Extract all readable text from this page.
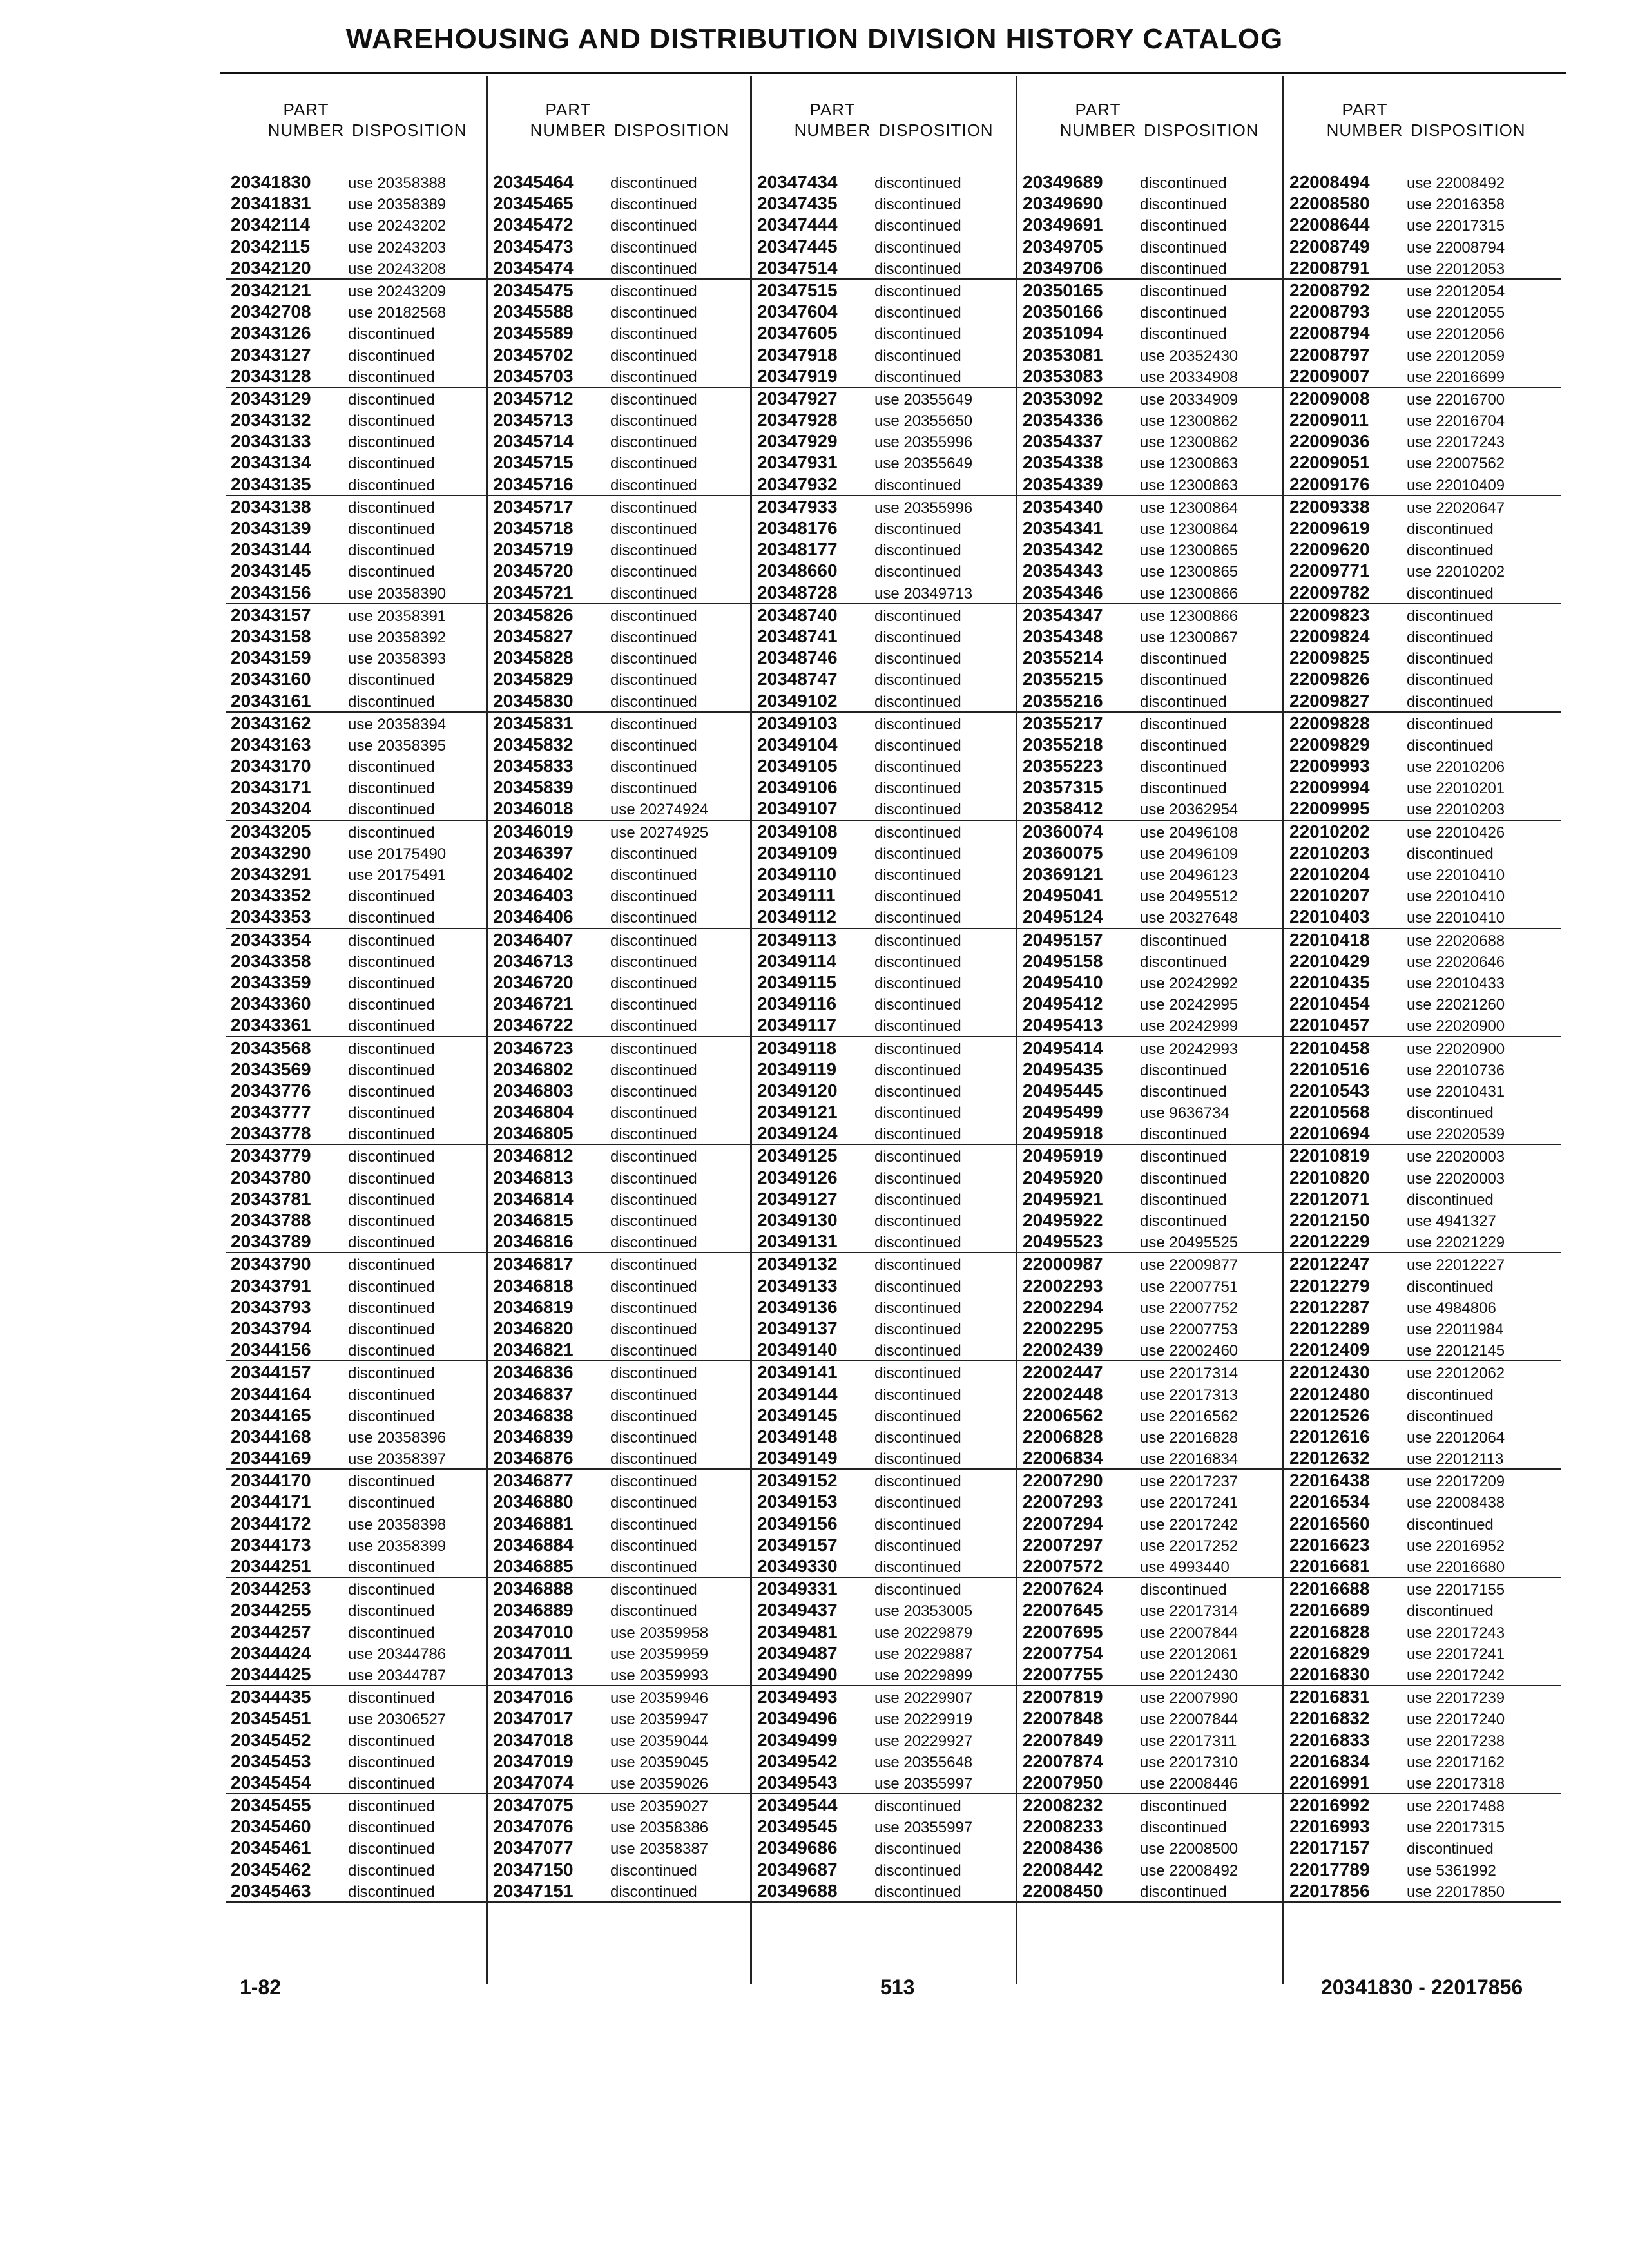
WAREHOUSING AND DISTRIBUTION DIVISION HISTORY CATALOG
PART
NUMBER DISPOSITION
20341830 use 20358388
20341831 use 20358389
20342114 use 20243202
20342115 use 20243203
20342120 use 20243208
20342121 use 20243209
20342708 use 20182568
20343126 discontinued
20343127 discontinued
20343128 discontinued
20343129 discontinued
20343132 discontinued
20343133 discontinued
20343134 discontinued
20343135 discontinued
20343138 discontinued
20343139 discontinued
20343144 discontinued
20343145 discontinued
20343156 use 20358390
20343157 use 20358391
20343158 use 20358392
20343159 use 20358393
20343160 discontinued
20343161 discontinued
20343162 use 20358394
20343163 use 20358395
20343170 discontinued
20343171 discontinued
20343204 discontinued
20343205 discontinued
20343290 use 20175490
20343291 use 20175491
20343352 discontinued
20343353 discontinued
20343354 discontinued
20343358 discontinued
20343359 discontinued
20343360 discontinued
20343361 discontinued
20343568 discontinued
20343569 discontinued
20343776 discontinued
20343777 discontinued
20343778 discontinued
20343779 discontinued
20343780 discontinued
20343781 discontinued
20343788 discontinued
20343789 discontinued
20343790 discontinued
20343791 discontinued
20343793 discontinued
20343794 discontinued
20344156 discontinued
20344157 discontinued
20344164 discontinued
20344165 discontinued
20344168 use 20358396
20344169 use 20358397
20344170 discontinued
20344171 discontinued
20344172 use 20358398
20344173 use 20358399
20344251 discontinued
20344253 discontinued
20344255 discontinued
20344257 discontinued
20344424 use 20344786
20344425 use 20344787
20344435 discontinued
20345451 use 20306527
20345452 discontinued
20345453 discontinued
20345454 discontinued
20345455 discontinued
20345460 discontinued
20345461 discontinued
20345462 discontinued
20345463 discontinued
PART
NUMBER DISPOSITION
20345464 discontinued
20345465 discontinued
20345472 discontinued
20345473 discontinued
20345474 discontinued
20345475 discontinued
20345588 discontinued
20345589 discontinued
20345702 discontinued
20345703 discontinued
20345712 discontinued
20345713 discontinued
20345714 discontinued
20345715 discontinued
20345716 discontinued
20345717 discontinued
20345718 discontinued
20345719 discontinued
20345720 discontinued
20345721 discontinued
20345826 discontinued
20345827 discontinued
20345828 discontinued
20345829 discontinued
20345830 discontinued
20345831 discontinued
20345832 discontinued
20345833 discontinued
20345839 discontinued
20346018 use 20274924
20346019 use 20274925
20346397 discontinued
20346402 discontinued
20346403 discontinued
20346406 discontinued
20346407 discontinued
20346713 discontinued
20346720 discontinued
20346721 discontinued
20346722 discontinued
20346723 discontinued
20346802 discontinued
20346803 discontinued
20346804 discontinued
20346805 discontinued
20346812 discontinued
20346813 discontinued
20346814 discontinued
20346815 discontinued
20346816 discontinued
20346817 discontinued
20346818 discontinued
20346819 discontinued
20346820 discontinued
20346821 discontinued
20346836 discontinued
20346837 discontinued
20346838 discontinued
20346839 discontinued
20346876 discontinued
20346877 discontinued
20346880 discontinued
20346881 discontinued
20346884 discontinued
20346885 discontinued
20346888 discontinued
20346889 discontinued
20347010 use 20359958
20347011 use 20359959
20347013 use 20359993
20347016 use 20359946
20347017 use 20359947
20347018 use 20359044
20347019 use 20359045
20347074 use 20359026
20347075 use 20359027
20347076 use 20358386
20347077 use 20358387
20347150 discontinued
20347151 discontinued
PART
NUMBER DISPOSITION
20347434 discontinued
20347435 discontinued
20347444 discontinued
20347445 discontinued
20347514 discontinued
20347515 discontinued
20347604 discontinued
20347605 discontinued
20347918 discontinued
20347919 discontinued
20347927 use 20355649
20347928 use 20355650
20347929 use 20355996
20347931 use 20355649
20347932 discontinued
20347933 use 20355996
20348176 discontinued
20348177 discontinued
20348660 discontinued
20348728 use 20349713
20348740 discontinued
20348741 discontinued
20348746 discontinued
20348747 discontinued
20349102 discontinued
20349103 discontinued
20349104 discontinued
20349105 discontinued
20349106 discontinued
20349107 discontinued
20349108 discontinued
20349109 discontinued
20349110 discontinued
20349111	discontinued
20349112 discontinued
20349113 discontinued
20349114 discontinued
20349115 discontinued
20349116 discontinued
20349117 discontinued
20349118 discontinued
20349119 discontinued
20349120 discontinued
20349121 discontinued
20349124 discontinued
20349125 discontinued
20349126 discontinued
20349127 discontinued
20349130 discontinued
20349131 discontinued
20349132 discontinued
20349133 discontinued
20349136 discontinued
20349137 discontinued
20349140 discontinued
20349141 discontinued
20349144 discontinued
20349145 discontinued
20349148 discontinued
20349149 discontinued
20349152 discontinued
20349153 discontinued
20349156 discontinued
20349157 discontinued
20349330 discontinued
20349331 discontinued
20349437 use 20353005
20349481 use 20229879
20349487 use 20229887
20349490 use 20229899
20349493 use 20229907
20349496 use 20229919
20349499 use 20229927
20349542 use 20355648
20349543 use 20355997
20349544 discontinued
20349545 use 20355997
20349686 discontinued
20349687 discontinued
20349688 discontinued
PART
NUMBER DISPOSITION
20349689 discontinued
20349690 discontinued
20349691 discontinued
20349705 discontinued
20349706 discontinued
20350165 discontinued
20350166 discontinued
20351094 discontinued
20353081 use 20352430
20353083 use 20334908
20353092 use 20334909
20354336 use 12300862
20354337 use 12300862
20354338 use 12300863
20354339 use 12300863
20354340 use 12300864
20354341 use 12300864
20354342 use 12300865
20354343 use 12300865
20354346 use 12300866
20354347 use 12300866
20354348 use 12300867
20355214 discontinued
20355215 discontinued
20355216 discontinued
20355217 discontinued
20355218 discontinued
20355223 discontinued
20357315 discontinued
20358412 use 20362954
20360074 use 20496108
20360075 use 20496109
20369121 use 20496123
20495041 use 20495512
20495124 use 20327648
20495157 discontinued
20495158 discontinued
20495410 use 20242992
20495412 use 20242995
20495413 use 20242999
20495414 use 20242993
20495435 discontinued
20495445 discontinued
20495499 use 9636734
20495918 discontinued
20495919 discontinued
20495920 discontinued
20495921 discontinued
20495922 discontinued
20495523 use 20495525
22000987 use 22009877
22002293 use 22007751
22002294 use 22007752
22002295 use 22007753
22002439 use 22002460
22002447 use 22017314
22002448 use 22017313
22006562 use 22016562
22006828 use 22016828
22006834 use 22016834
22007290 use 22017237
22007293 use 22017241
22007294 use 22017242
22007297 use 22017252
22007572 use 4993440
22007624 discontinued
22007645 use 22017314
22007695 use 22007844
22007754 use 22012061
22007755 use 22012430
22007819 use 22007990
22007848 use 22007844
22007849 use 22017311
22007874 use 22017310
22007950 use 22008446
22008232 discontinued
22008233 discontinued
22008436 use 22008500
22008442 use 22008492
22008450 discontinued
PART
NUMBER DISPOSITION
22008494 use 22008492
22008580 use 22016358
22008644 use 22017315
22008749 use 22008794
22008791 use 22012053
22008792 use 22012054
22008793 use 22012055
22008794 use 22012056
22008797 use 22012059
22009007 use 22016699
22009008 use 22016700
22009011 use 22016704
22009036 use 22017243
22009051 use 22007562
22009176 use 22010409
22009338 use 22020647
22009619 discontinued
22009620 discontinued
22009771 use 22010202
22009782 discontinued
22009823 discontinued
22009824 discontinued
22009825 discontinued
22009826 discontinued
22009827 discontinued
22009828 discontinued
22009829 discontinued
22009993 use 22010206
22009994 use 22010201
22009995 use 22010203
22010202 use 22010426
22010203 discontinued
22010204 use 22010410
22010207 use 22010410
22010403 use 22010410
22010418 use 22020688
22010429 use 22020646
22010435 use 22010433
22010454 use 22021260
22010457 use 22020900
22010458 use 22020900
22010516 use 22010736
22010543 use 22010431
22010568 discontinued
22010694 use 22020539
22010819 use 22020003
22010820 use 22020003
22012071 discontinued
22012150 use 4941327
22012229 use 22021229
22012247 use 22012227
22012279 discontinued
22012287 use 4984806
22012289 use 22011984
22012409 use 22012145
22012430 use 22012062
22012480 discontinued
22012526 discontinued
22012616 use 22012064
22012632 use 22012113
22016438 use 22017209
22016534 use 22008438
22016560 discontinued
22016623 use 22016952
22016681 use 22016680
22016688 use 22017155
22016689 discontinued
22016828 use 22017243
22016829 use 22017241
22016830 use 22017242
22016831 use 22017239
22016832 use 22017240
22016833 use 22017238
22016834 use 22017162
22016991 use 22017318
22016992 use 22017488
22016993 use 22017315
22017157 discontinued
22017789 use 5361992
22017856 use 22017850
1-82	513	20341830 - 22017856
